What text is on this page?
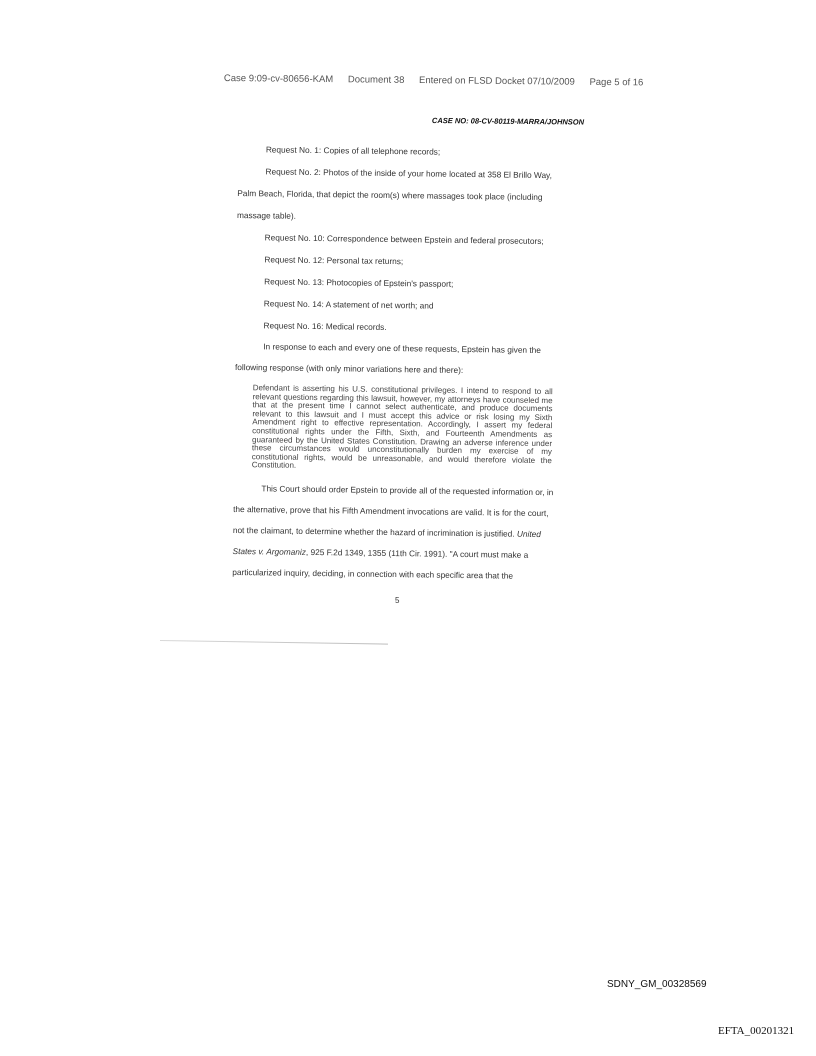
Case 9:09-cv-80656-KAM Document 38 Entered on FLSD Docket 07/10/2009 Page 5 of 16
CASE NO: 08-CV-80119-MARRA/JOHNSON
Request No. 1: Copies of all telephone records;
Request No. 2: Photos of the inside of your home located at 358 El Brillo Way,
Palm Beach, Florida, that depict the room(s) where massages took place (including
massage table).
Request No. 10: Correspondence between Epstein and federal prosecutors;
Request No. 12: Personal tax returns;
Request No. 13: Photocopies of Epstein's passport;
Request No. 14: A statement of net worth; and
Request No. 16: Medical records.
In response to each and every one of these requests, Epstein has given the
following response (with only minor variations here and there):
Defendant is asserting his U.S. constitutional privileges. I intend to respond to all relevant questions regarding this lawsuit, however, my attorneys have counseled me that at the present time I cannot select authenticate, and produce documents relevant to this lawsuit and I must accept this advice or risk losing my Sixth Amendment right to effective representation. Accordingly, I assert my federal constitutional rights under the Fifth, Sixth, and Fourteenth Amendments as guaranteed by the United States Constitution. Drawing an adverse inference under these circumstances would unconstitutionally burden my exercise of my constitutional rights, would be unreasonable, and would therefore violate the Constitution.
This Court should order Epstein to provide all of the requested information or, in
the alternative, prove that his Fifth Amendment invocations are valid. It is for the court,
not the claimant, to determine whether the hazard of incrimination is justified. United
States v. Argomaniz, 925 F.2d 1349, 1355 (11th Cir. 1991). "A court must make a
particularized inquiry, deciding, in connection with each specific area that the
5
SDNY_GM_00328569
EFTA_00201321
